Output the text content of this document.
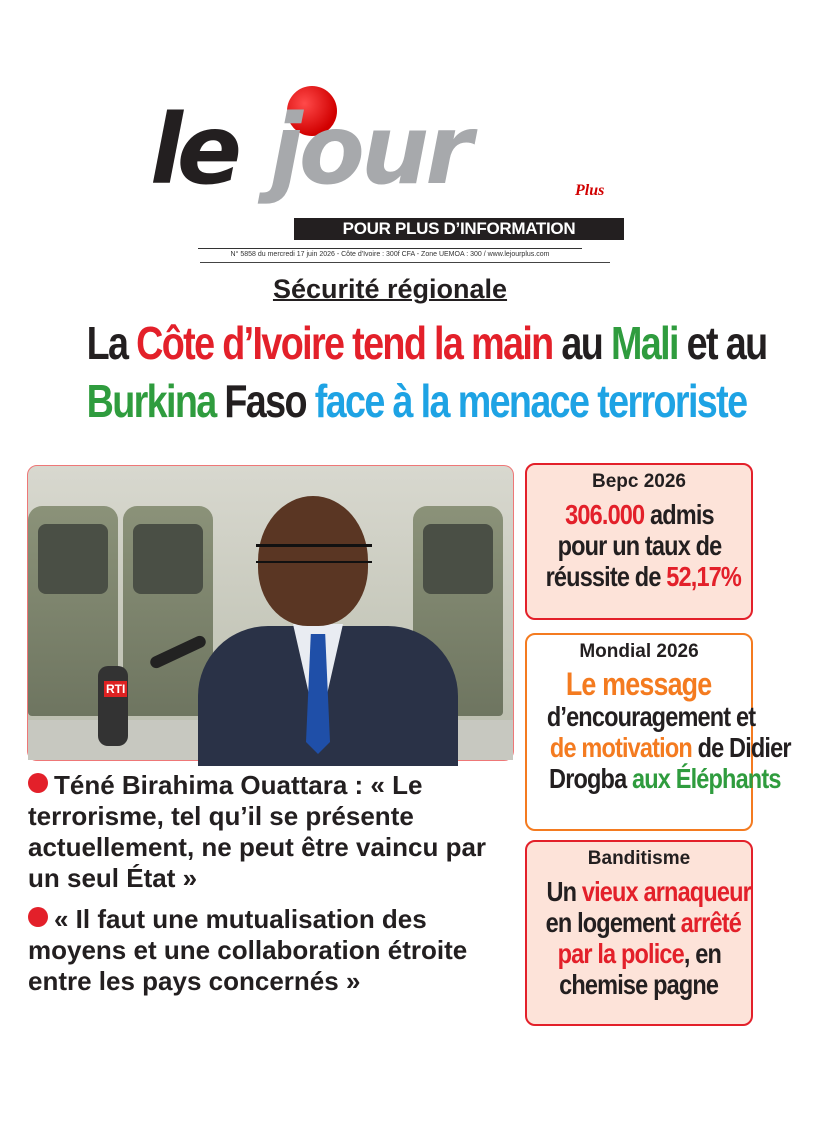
le jour	Plus
POUR PLUS D’INFORMATION
N° 5858 du mercredi 17 juin 2026 - Côte d'Ivoire : 300f CFA - Zone UEMOA : 300 / www.lejourplus.com
Sécurité régionale
La Côte d’Ivoire tend la main au Mali et au
Burkina Faso face à la menace terroriste
RTI
Téné Birahima Ouattara : « Le terrorisme, tel qu’il se présente actuellement, ne peut être vaincu par un seul État »
« Il faut une mutualisation des moyens et une collaboration étroite entre les pays concernés »
Bepc 2026
306.000 admis
pour un taux de
réussite de 52,17%
Mondial 2026
Le message
d’encouragement et
de motivation de Didier
Drogba aux Éléphants
Banditisme
Un vieux arnaqueur
en logement arrêté
par la police, en
chemise pagne
